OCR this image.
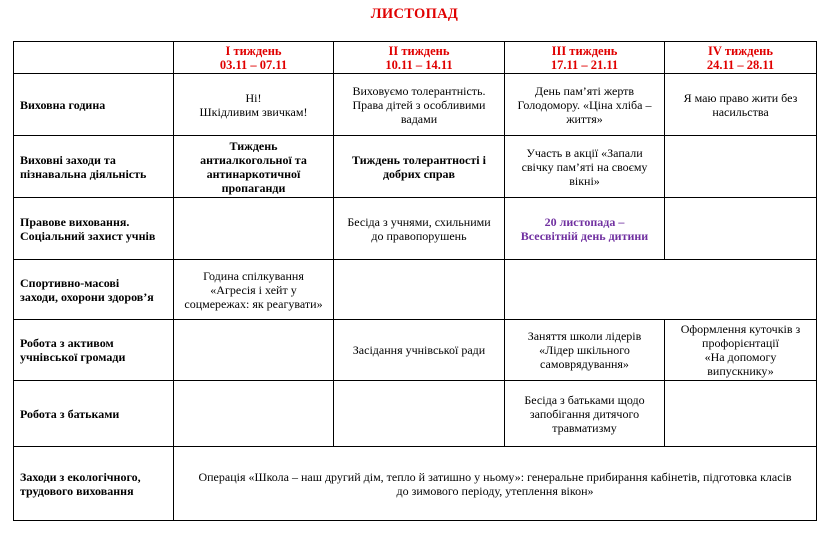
ЛИСТОПАД

	I тиждень
03.11 – 07.11	II тиждень
10.11 – 14.11	III тиждень
17.11 – 21.11	IV тиждень
24.11 – 28.11

Виховна година	Ні!
Шкідливим звичкам!	Виховуємо толерантність.
Права дітей з особливими
вадами	День пам’яті жертв
Голодомору. «Ціна хліба –
життя»	Я маю право жити без
насильства

Виховні заходи та
пізнавальна діяльність	Тиждень
антиалкогольної та
антинаркотичної
пропаганди	Тиждень толерантності і
добрих справ	Участь в акції «Запали
свічку пам’яті на своєму
вікні»	

Правове виховання.
Соціальний захист учнів		Бесіда з учнями, схильними
до правопорушень	20 листопада –
Всесвітній день дитини	

Спортивно-масові
заходи, охорони здоров’я	Година спілкування
«Агресія і хейт у
соцмережах: як реагувати»			

Робота з активом
учнівської громади		Засідання учнівської ради	Заняття школи лідерів
«Лідер шкільного
самоврядування»	Оформлення куточків з
профорієнтації
«На допомогу
випускнику»

Робота з батьками			Бесіда з батьками щодо
запобігання дитячого
травматизму	

Заходи з екологічного,
трудового виховання	Операція «Школа – наш другий дім, тепло й затишно у ньому»: генеральне прибирання кабінетів, підготовка класів
до зимового періоду, утеплення вікон»			
